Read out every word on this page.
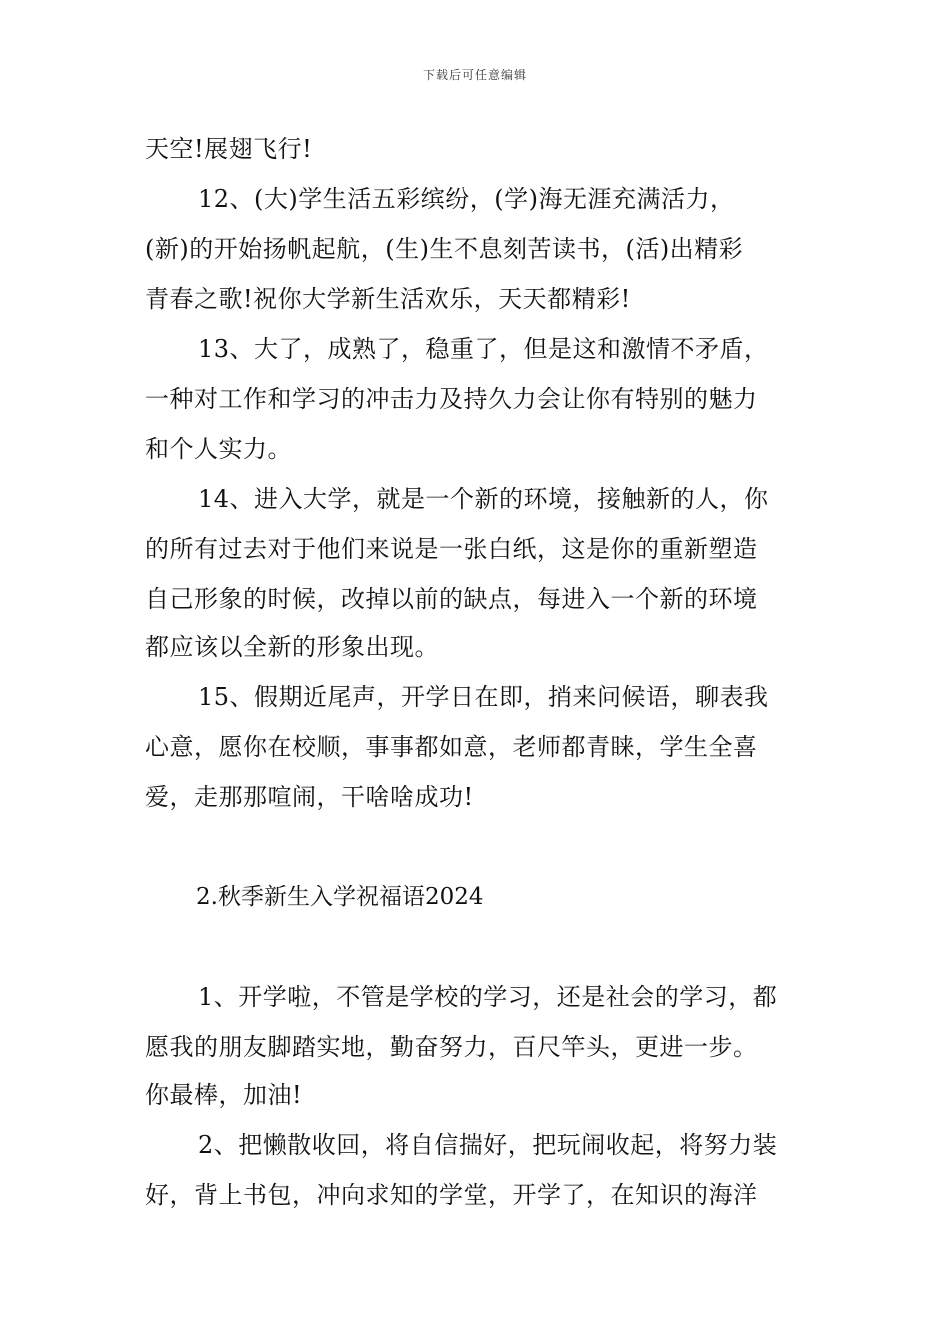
下载后可任意编辑
天空!展翅飞行!
12、(大)学生活五彩缤纷，(学)海无涯充满活力，
(新)的开始扬帆起航，(生)生不息刻苦读书，(活)出精彩
青春之歌!祝你大学新生活欢乐，天天都精彩!
13、大了，成熟了，稳重了，但是这和激情不矛盾，
一种对工作和学习的冲击力及持久力会让你有特别的魅力
和个人实力。
14、进入大学，就是一个新的环境，接触新的人，你
的所有过去对于他们来说是一张白纸，这是你的重新塑造
自己形象的时候，改掉以前的缺点，每进入一个新的环境
都应该以全新的形象出现。
15、假期近尾声，开学日在即，捎来问候语，聊表我
心意，愿你在校顺，事事都如意，老师都青睐，学生全喜
爱，走那那喧闹，干啥啥成功!
2.秋季新生入学祝福语2024
1、开学啦，不管是学校的学习，还是社会的学习，都
愿我的朋友脚踏实地，勤奋努力，百尺竿头，更进一步。
你最棒，加油!
2、把懒散收回，将自信揣好，把玩闹收起，将努力装
好，背上书包，冲向求知的学堂，开学了，在知识的海洋
